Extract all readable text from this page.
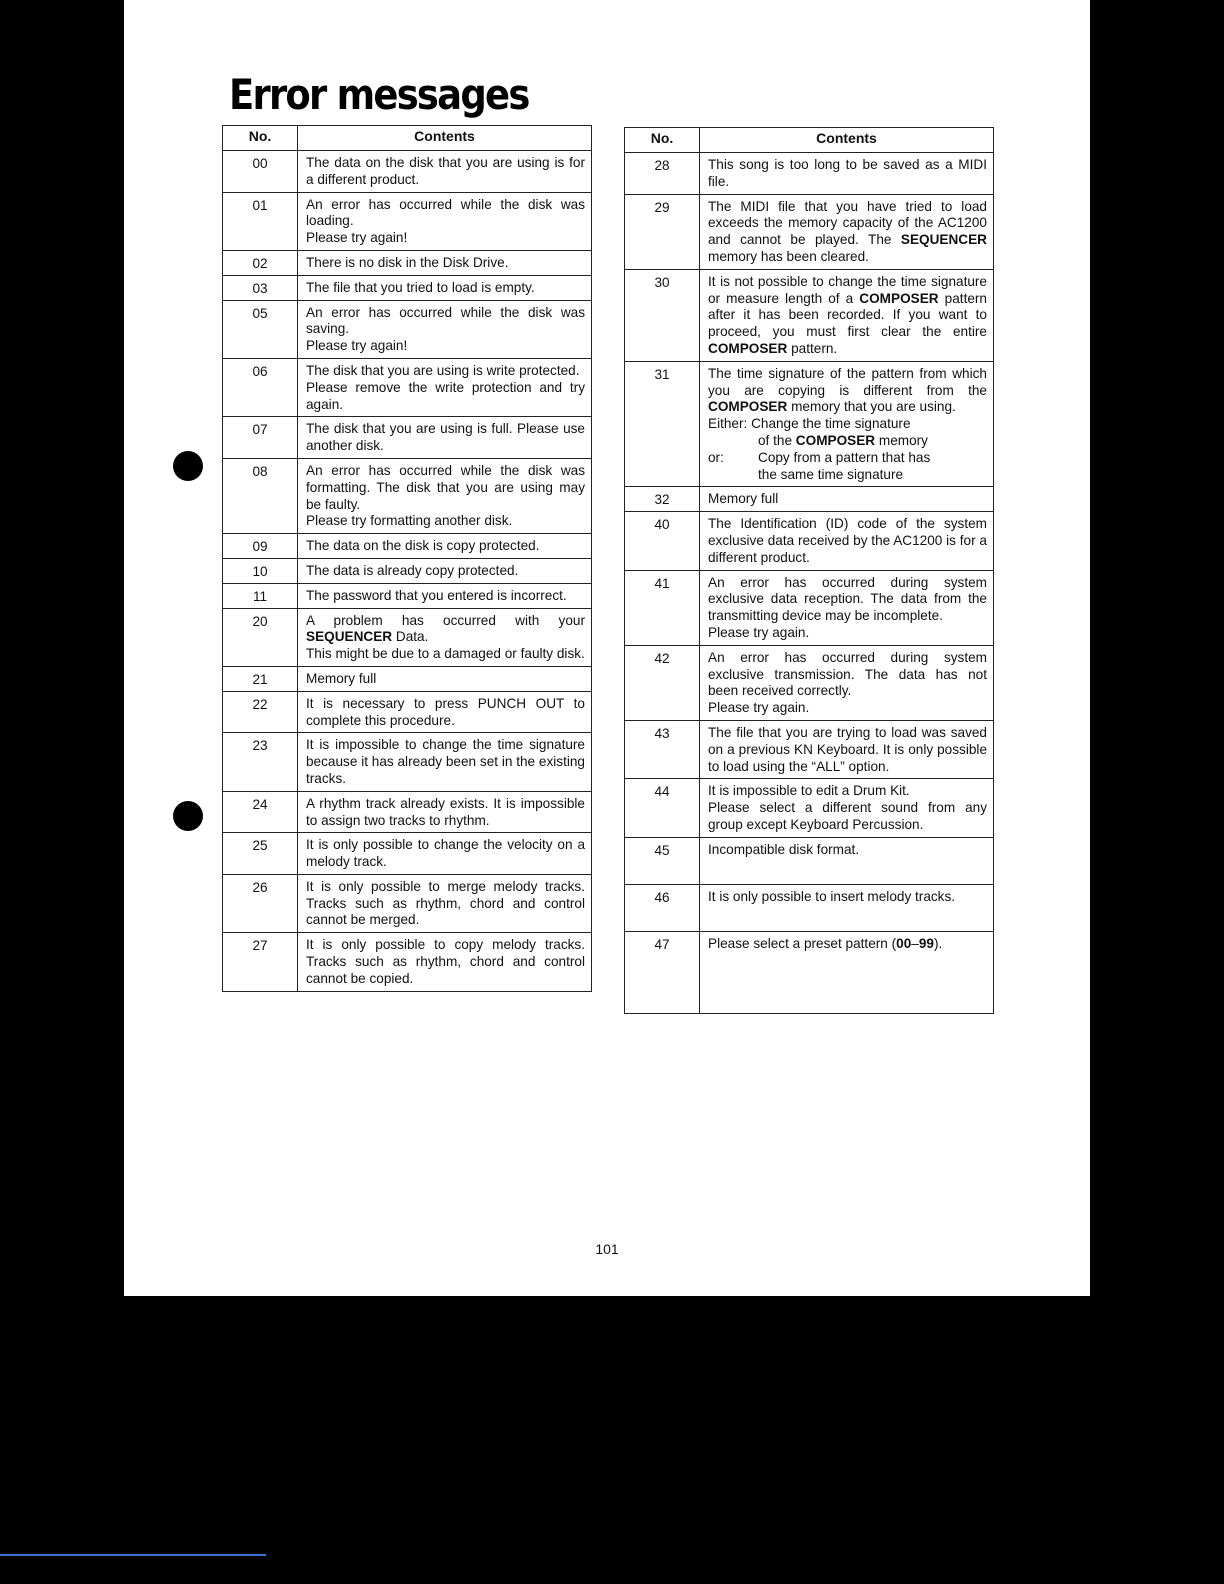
Error messages
No.	Contents
00	The data on the disk that you are using is for a different product.

01	An error has occurred while the disk was loading.
Please try again!

02	There is no disk in the Disk Drive.

03	The file that you tried to load is empty.

05	An error has occurred while the disk was saving.
Please try again!

06	The disk that you are using is write protected.
Please remove the write protection and try again.

07	The disk that you are using is full. Please use another disk.

08	An error has occurred while the disk was formatting. The disk that you are using may be faulty.
Please try formatting another disk.

09	The data on the disk is copy protected.

10	The data is already copy protected.

11	The password that you entered is incorrect.

20	A problem has occurred with your SEQUENCER Data.
This might be due to a damaged or faulty disk.

21	Memory full

22	It is necessary to press PUNCH OUT to complete this procedure.

23	It is impossible to change the time signature because it has already been set in the existing tracks.

24	A rhythm track already exists. It is impossible to assign two tracks to rhythm.

25	It is only possible to change the velocity on a melody track.

26	It is only possible to merge melody tracks. Tracks such as rhythm, chord and control cannot be merged.

27	It is only possible to copy melody tracks. Tracks such as rhythm, chord and control cannot be copied.
No.	Contents
28	This song is too long to be saved as a MIDI file.

29	The MIDI file that you have tried to load exceeds the memory capacity of the AC1200 and cannot be played. The SEQUENCER memory has been cleared.

30	It is not possible to change the time signature or measure length of a COMPOSER pattern after it has been recorded. If you want to proceed, you must first clear the entire COMPOSER pattern.

31	The time signature of the pattern from which you are copying is different from the COMPOSER memory that you are using.
Either: Change the time signature
of the COMPOSER memory
or: Copy from a pattern that has
the same time signature

32	Memory full

40	The Identification (ID) code of the system exclusive data received by the AC1200 is for a different product.

41	An error has occurred during system exclusive data reception. The data from the transmitting device may be incomplete.
Please try again.

42	An error has occurred during system exclusive transmission. The data has not been received correctly.
Please try again.

43	The file that you are trying to load was saved on a previous KN Keyboard. It is only possible to load using the “ALL” option.

44	It is impossible to edit a Drum Kit.
Please select a different sound from any group except Keyboard Percussion.

45	Incompatible disk format.

46	It is only possible to insert melody tracks.

47	Please select a preset pattern (00–99).
101
